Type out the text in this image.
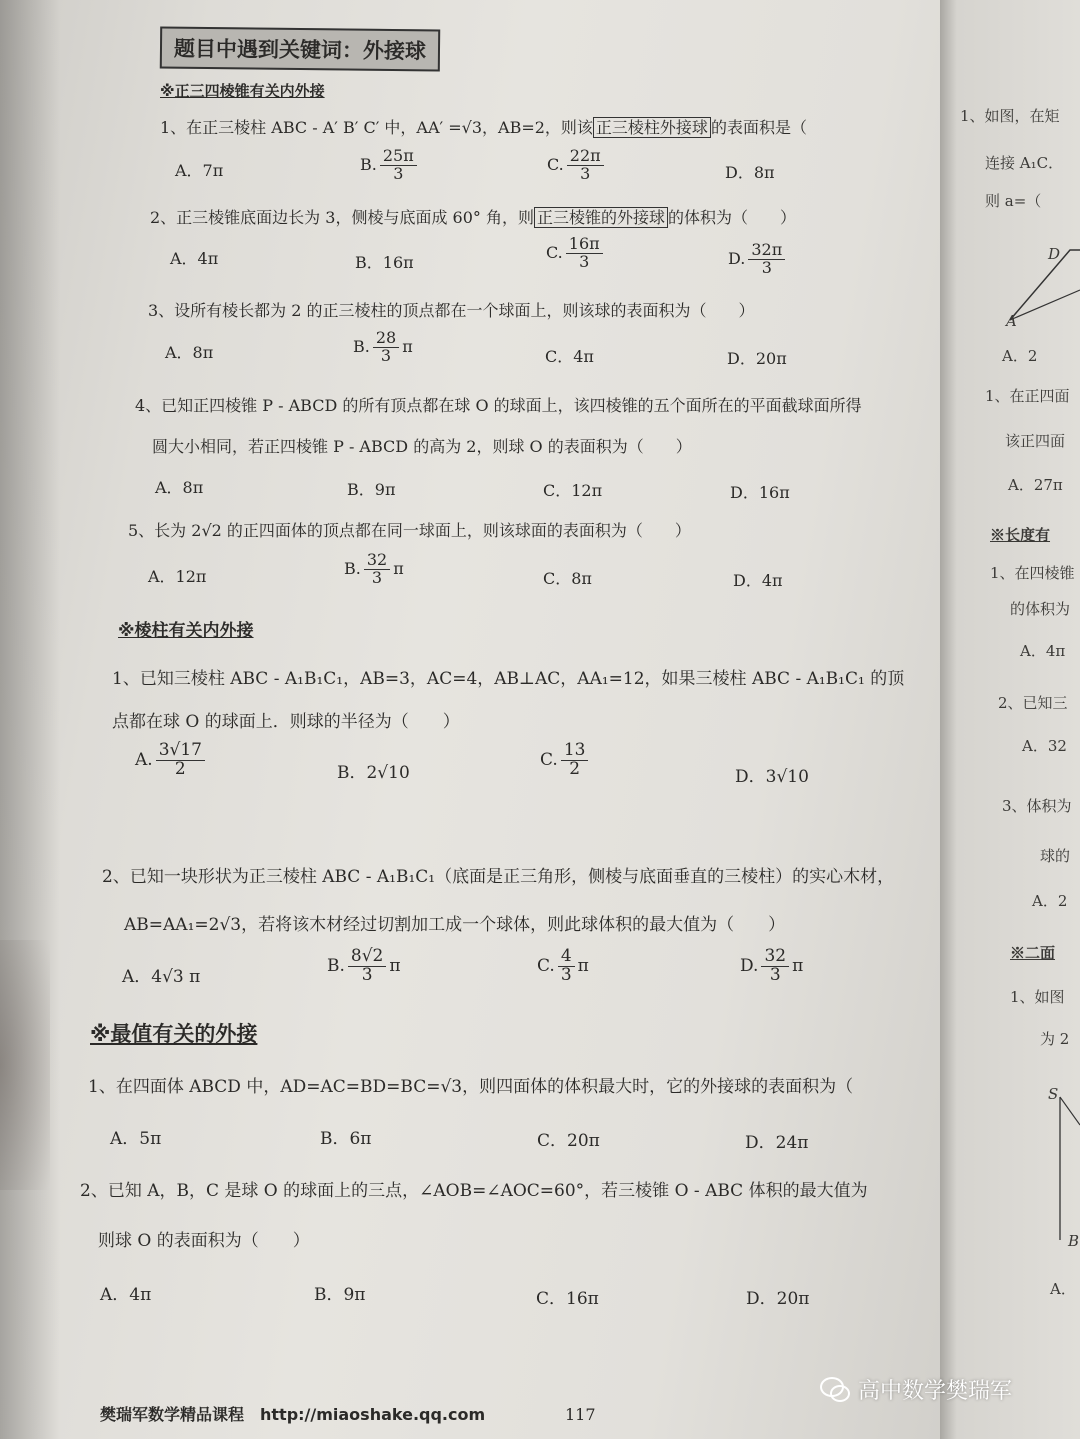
题目中遇到关键词：外接球
※正三四棱锥有关内外接
1、在正三棱柱 ABC - A′ B′ C′ 中，AA′ =√3，AB=2，则该 正三棱柱外接球 的表面积是（
A．7π	B. $\frac{25\pi}{3}$	C. $\frac{22\pi}{3}$	D．8π
2、正三棱锥底面边长为 3，侧棱与底面成 60° 角，则 正三棱锥的外接球 的体积为（　　）
A．4π	B．16π
C. $\frac{16\pi}{3}$	D. $\frac{32\pi}{3}$
3、设所有棱长都为 2 的正三棱柱的顶点都在一个球面上，则该球的表面积为（　　）
A．8π	B. $\frac{28}{3}$ π
C．4π	D．20π
4、已知正四棱锥 P - ABCD 的所有顶点都在球 O 的球面上，该四棱锥的五个面所在的平面截球面所得
圆大小相同，若正四棱锥 P - ABCD 的高为 2，则球 O 的表面积为（　　）
A．8π	B．9π	C．12π	D．16π
5、长为 2√2 的正四面体的顶点都在同一球面上，则该球面的表面积为（　　）
A．12π	B. $\frac{32}{3}$ π
C．8π	D．4π
※棱柱有关内外接
1、已知三棱柱 ABC - A₁B₁C₁，AB=3，AC=4，AB⊥AC，AA₁=12，如果三棱柱 ABC - A₁B₁C₁ 的顶
点都在球 O 的球面上．则球的半径为（　　）
A. $\frac{3√17}{2}$	B．2√10
C. $\frac{13}{2}$	D．3√10
2、已知一块形状为正三棱柱 ABC - A₁B₁C₁（底面是正三角形，侧棱与底面垂直的三棱柱）的实心木材，
AB=AA₁=2√3，若将该木材经过切割加工成一个球体，则此球体积的最大值为（　　）
A．4√3 π
B. $\frac{8√2}{3}$ π	C. $\frac{4}{3}$ π	D. $\frac{32}{3}$ π
※最值有关的外接
1、在四面体 ABCD 中，AD=AC=BD=BC=√3，则四面体的体积最大时，它的外接球的表面积为（
A．5π	B．6π	C．20π	D．24π
2、已知 A，B，C 是球 O 的球面上的三点，∠AOB=∠AOC=60°，若三棱锥 O - ABC 体积的最大值为
则球 O 的表面积为（　　）
A．4π	B．9π	C．16π	D．20π
樊瑞军数学精品课程　http://miaoshake.qq.com	117
1、如图，在矩
连接 A₁C．
则 a=（
D
A
A．2
1、在正四面
该正四面
A．27π
※长度有
1、在四棱锥
的体积为
A．4π
2、已知三
A．32
3、体积为
球的
A．2
※二面
1、如图
为 2
S
B
A．
高中数学樊瑞军
